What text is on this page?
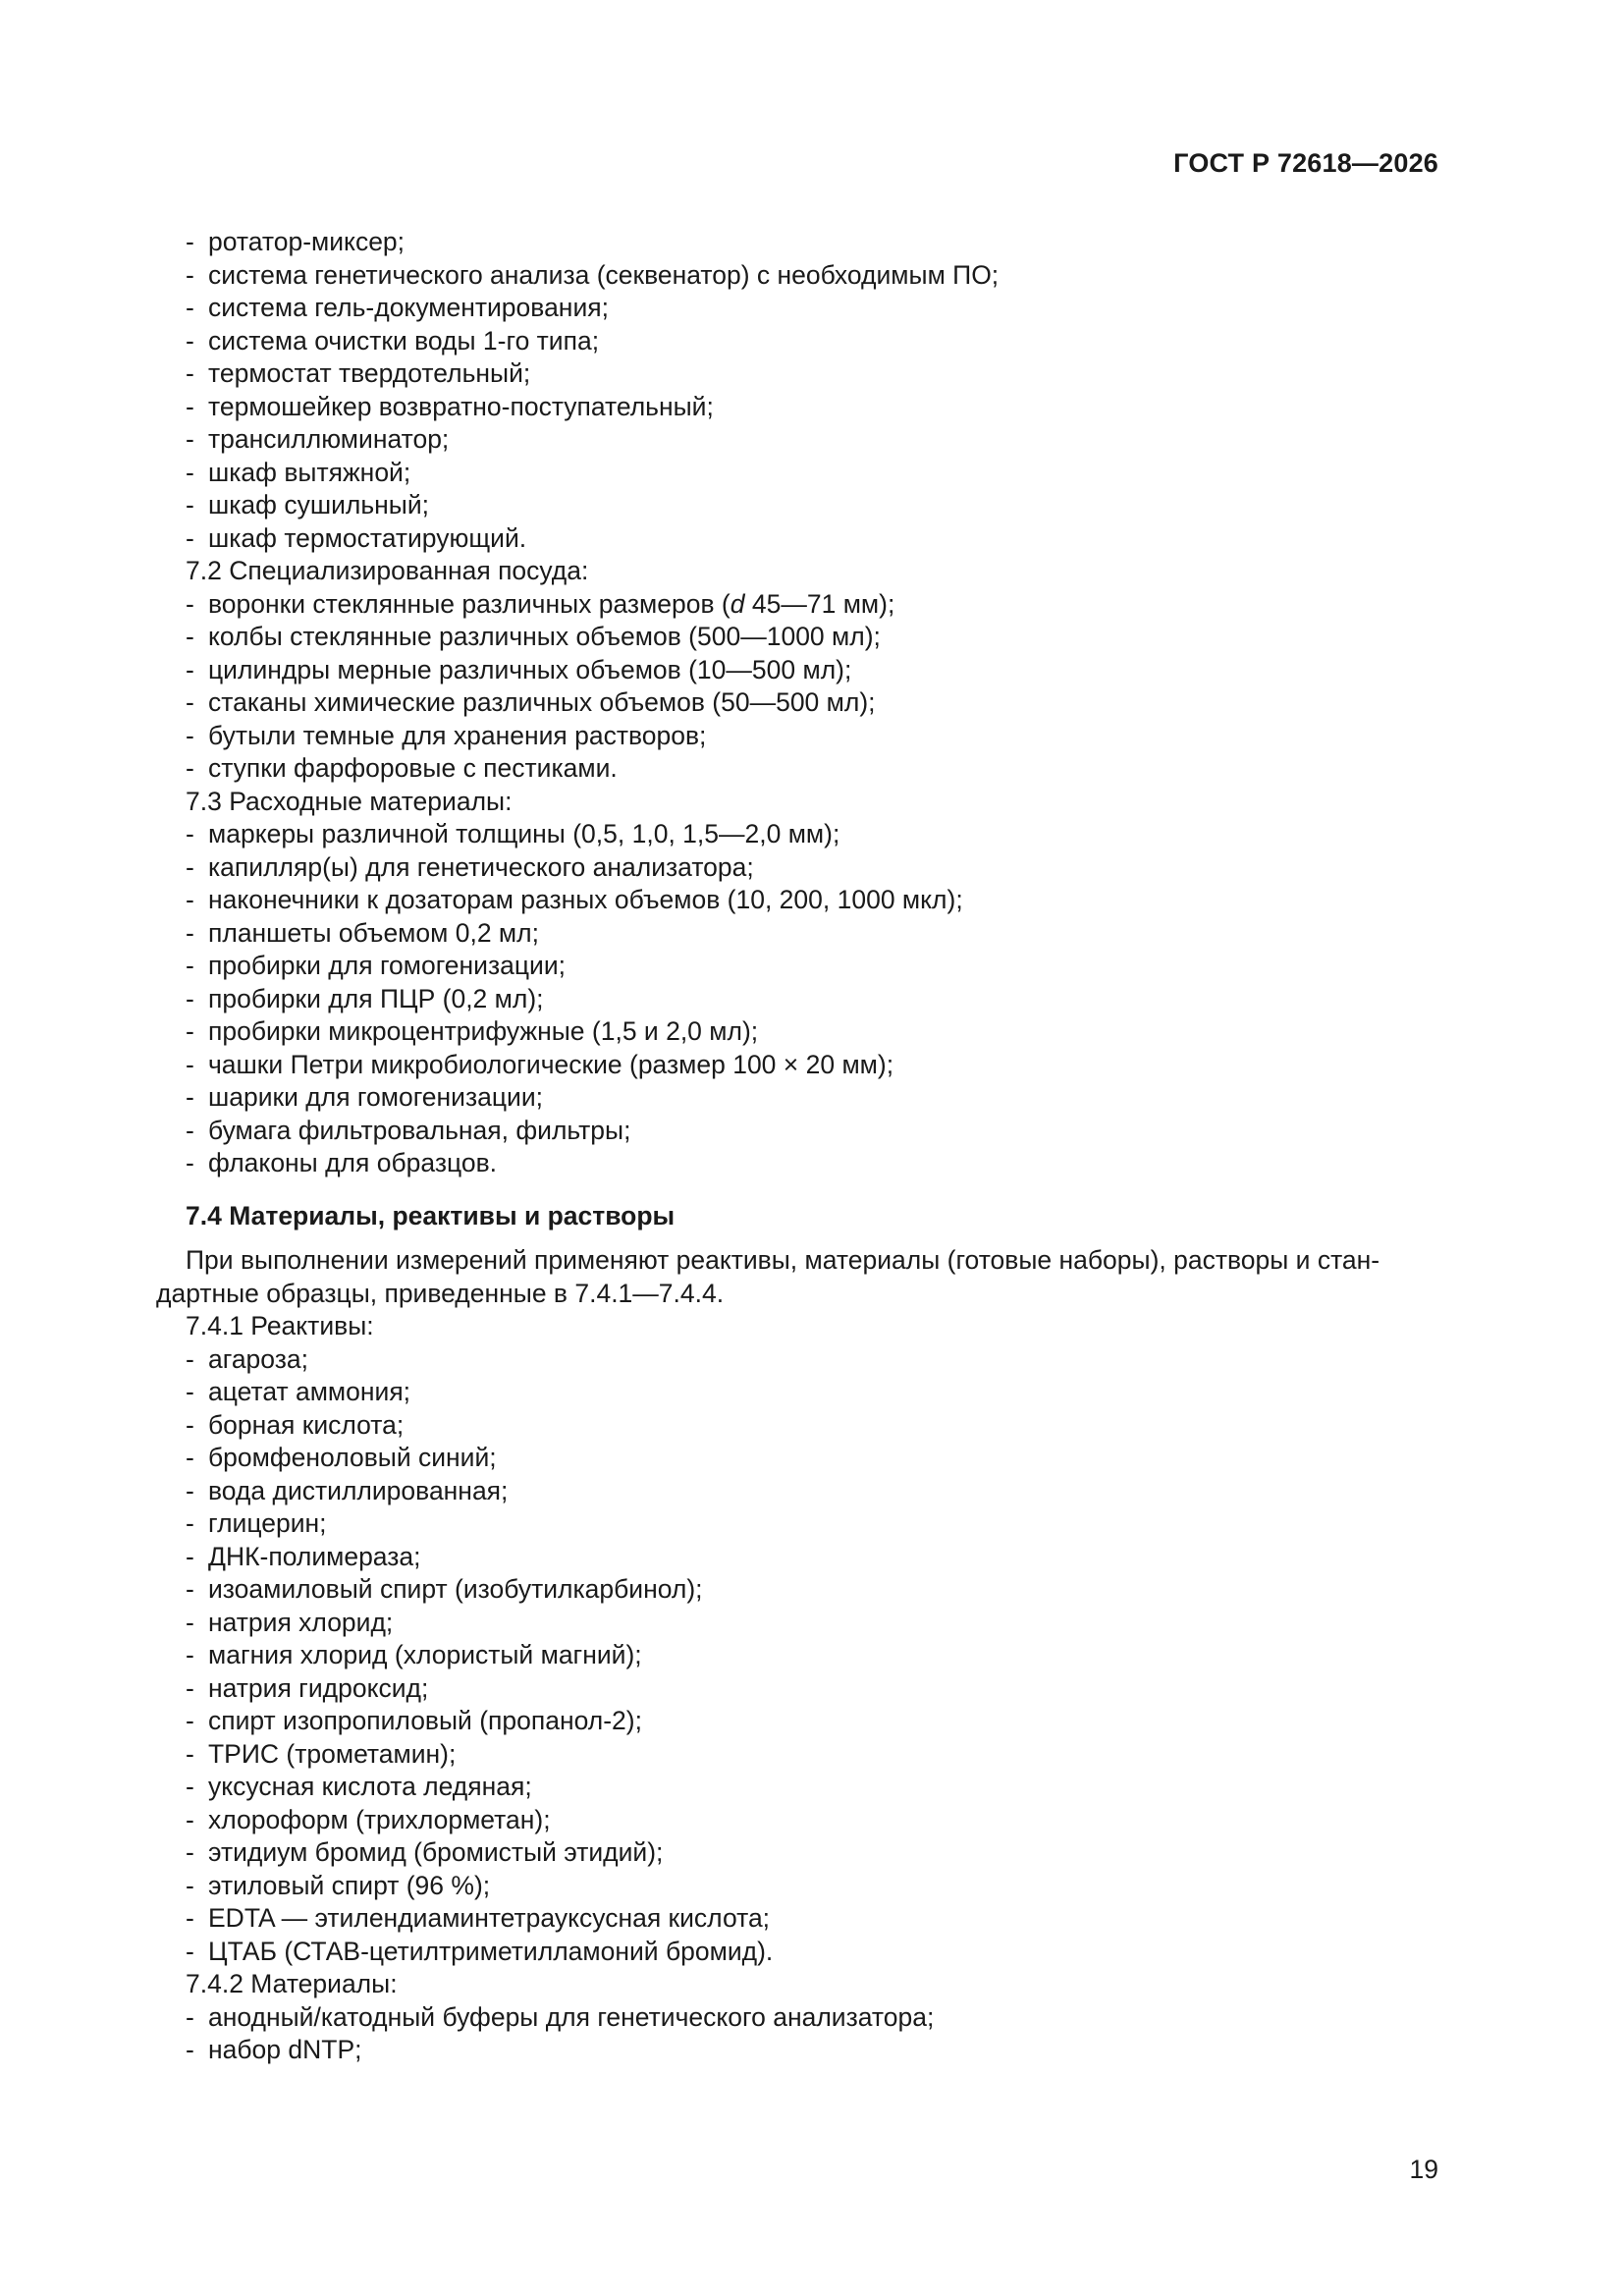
ГОСТ Р 72618—2026
- ротатор-миксер;
- система генетического анализа (секвенатор) с необходимым ПО;
- система гель-документирования;
- система очистки воды 1-го типа;
- термостат твердотельный;
- термошейкер возвратно-поступательный;
- трансиллюминатор;
- шкаф вытяжной;
- шкаф сушильный;
- шкаф термостатирующий.
7.2 Специализированная посуда:
- воронки стеклянные различных размеров (d 45—71 мм);
- колбы стеклянные различных объемов (500—1000 мл);
- цилиндры мерные различных объемов (10—500 мл);
- стаканы химические различных объемов (50—500 мл);
- бутыли темные для хранения растворов;
- ступки фарфоровые с пестиками.
7.3 Расходные материалы:
- маркеры различной толщины (0,5, 1,0, 1,5—2,0 мм);
- капилляр(ы) для генетического анализатора;
- наконечники к дозаторам разных объемов (10, 200, 1000 мкл);
- планшеты объемом 0,2 мл;
- пробирки для гомогенизации;
- пробирки для ПЦР (0,2 мл);
- пробирки микроцентрифужные (1,5 и 2,0 мл);
- чашки Петри микробиологические (размер 100 × 20 мм);
- шарики для гомогенизации;
- бумага фильтровальная, фильтры;
- флаконы для образцов.
7.4 Материалы, реактивы и растворы
При выполнении измерений применяют реактивы, материалы (готовые наборы), растворы и стан-
дартные образцы, приведенные в 7.4.1—7.4.4.
7.4.1 Реактивы:
- агароза;
- ацетат аммония;
- борная кислота;
- бромфеноловый синий;
- вода дистиллированная;
- глицерин;
- ДНК-полимераза;
- изоамиловый спирт (изобутилкарбинол);
- натрия хлорид;
- магния хлорид (хлористый магний);
- натрия гидроксид;
- спирт изопропиловый (пропанол-2);
- ТРИС (трометамин);
- уксусная кислота ледяная;
- хлороформ (трихлорметан);
- этидиум бромид (бромистый этидий);
- этиловый спирт (96 %);
- EDTA — этилендиаминтетрауксусная кислота;
- ЦТАБ (СТАВ-цетилтриметилламоний бромид).
7.4.2 Материалы:
- анодный/катодный буферы для генетического анализатора;
- набор dNTP;
19
